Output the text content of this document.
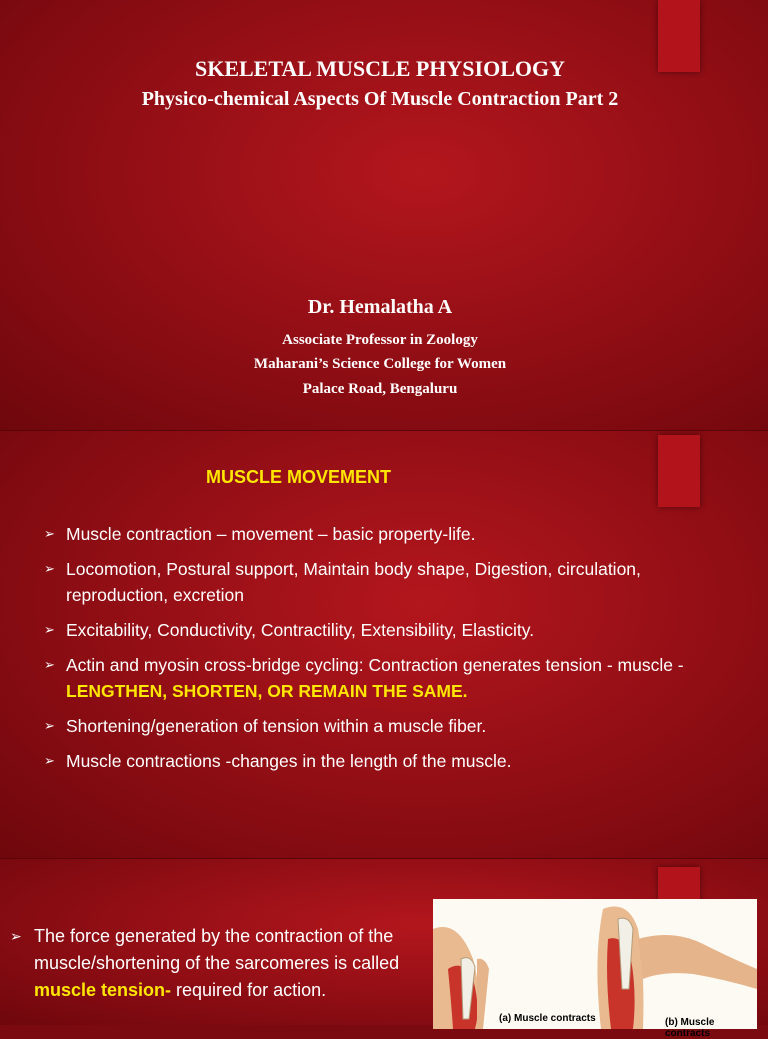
SKELETAL MUSCLE PHYSIOLOGY
Physico-chemical Aspects Of Muscle Contraction Part 2
Dr. Hemalatha A
Associate Professor in Zoology
Maharani’s Science College for Women
Palace Road, Bengaluru
MUSCLE MOVEMENT
➢ Muscle contraction – movement – basic property-life.
➢ Locomotion, Postural support, Maintain body shape, Digestion, circulation, reproduction, excretion
➢ Excitability, Conductivity, Contractility, Extensibility, Elasticity.
➢ Actin and myosin cross-bridge cycling: Contraction generates tension - muscle - LENGTHEN, SHORTEN, OR REMAIN THE SAME.
➢ Shortening/generation of tension within a muscle fiber.
➢ Muscle contractions -changes in the length of the muscle.
➢ The force generated by the contraction of the muscle/shortening of the sarcomeres is called muscle tension- required for action.
(a) Muscle contracts	(b) Muscle contracts
